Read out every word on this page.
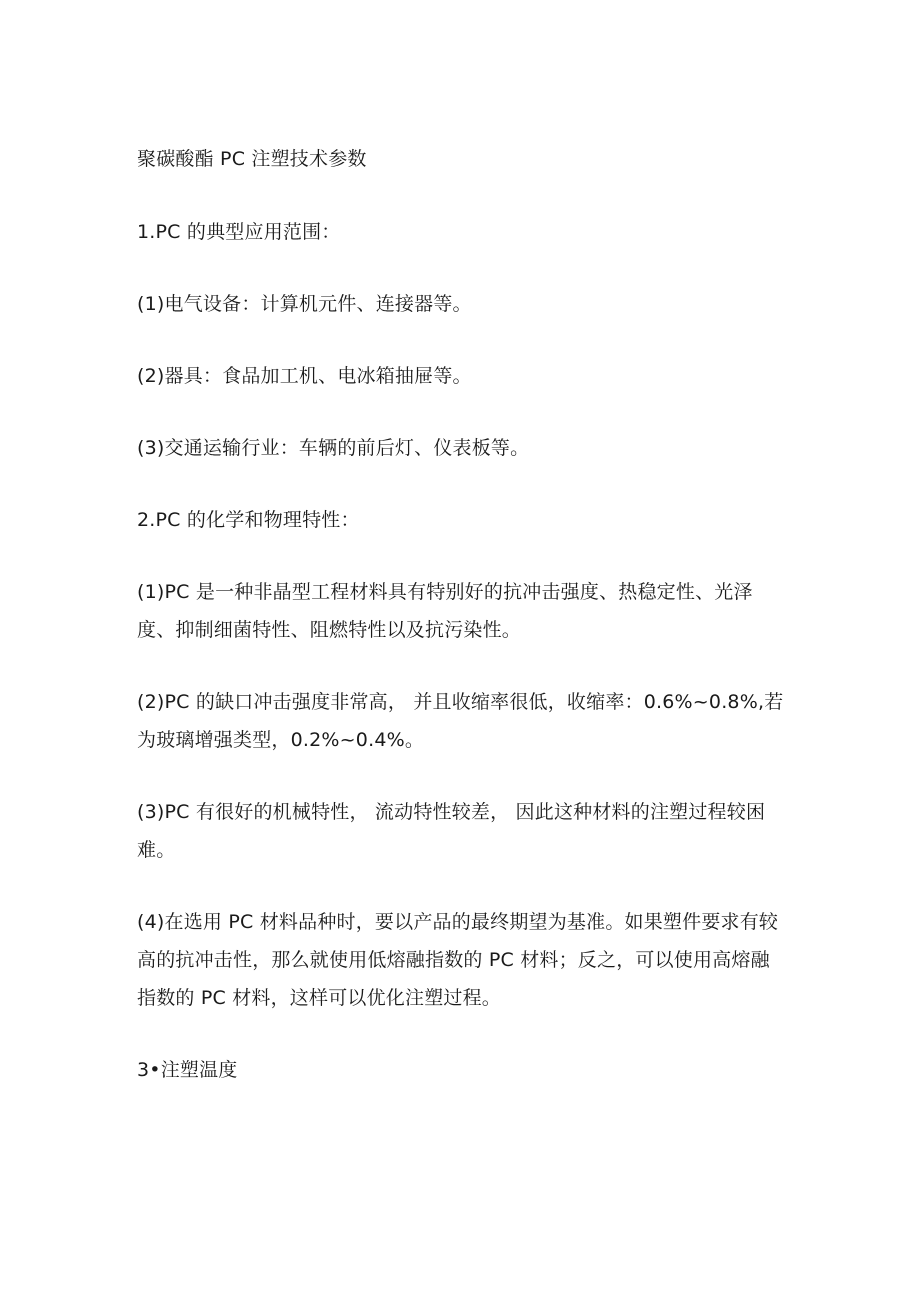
聚碳酸酯 PC 注塑技术参数

1.PC 的典型应用范围：

(1)电气设备：计算机元件、连接器等。

(2)器具：食品加工机、电冰箱抽屉等。

(3)交通运输行业：车辆的前后灯、仪表板等。

2.PC 的化学和物理特性：

(1)PC 是一种非晶型工程材料具有特别好的抗冲击强度、热稳定性、光泽度、抑制细菌特性、阻燃特性以及抗污染性。

(2)PC 的缺口冲击强度非常高， 并且收缩率很低，收缩率：0.6%~0.8%,若为玻璃增强类型，0.2%~0.4%。

(3)PC 有很好的机械特性， 流动特性较差， 因此这种材料的注塑过程较困难。

(4)在选用 PC 材料品种时，要以产品的最终期望为基准。如果塑件要求有较高的抗冲击性，那么就使用低熔融指数的 PC 材料；反之，可以使用高熔融指数的 PC 材料，这样可以优化注塑过程。

3•注塑温度
